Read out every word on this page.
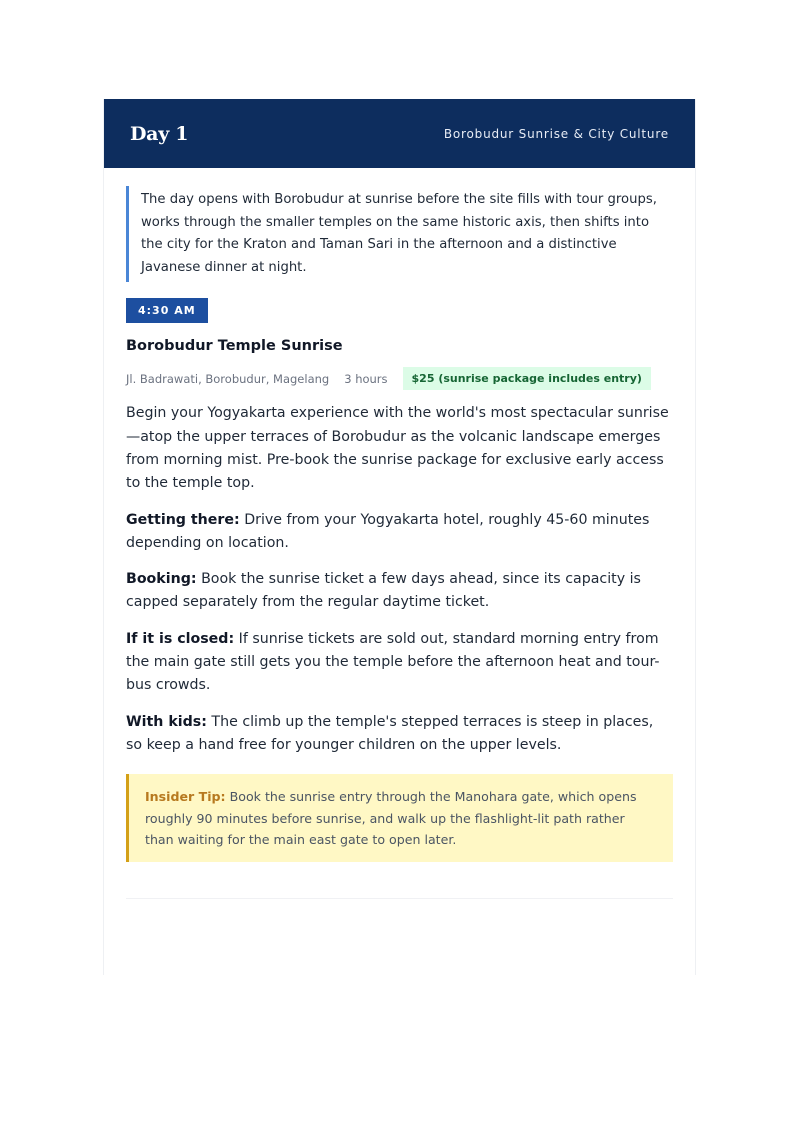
Day 1	Borobudur Sunrise & City Culture
The day opens with Borobudur at sunrise before the site fills with tour groups, works through the smaller temples on the same historic axis, then shifts into the city for the Kraton and Taman Sari in the afternoon and a distinctive Javanese dinner at night.
4:30 AM
Borobudur Temple Sunrise
Jl. Badrawati, Borobudur, Magelang 3 hours	$25 (sunrise package includes entry)
Begin your Yogyakarta experience with the world's most spectacular sunrise—atop the upper terraces of Borobudur as the volcanic landscape emerges from morning mist. Pre-book the sunrise package for exclusive early access to the temple top.
Getting there: Drive from your Yogyakarta hotel, roughly 45-60 minutes depending on location.
Booking: Book the sunrise ticket a few days ahead, since its capacity is capped separately from the regular daytime ticket.
If it is closed: If sunrise tickets are sold out, standard morning entry from the main gate still gets you the temple before the afternoon heat and tour-bus crowds.
With kids: The climb up the temple's stepped terraces is steep in places, so keep a hand free for younger children on the upper levels.
Insider Tip: Book the sunrise entry through the Manohara gate, which opens roughly 90 minutes before sunrise, and walk up the flashlight-lit path rather than waiting for the main east gate to open later.
